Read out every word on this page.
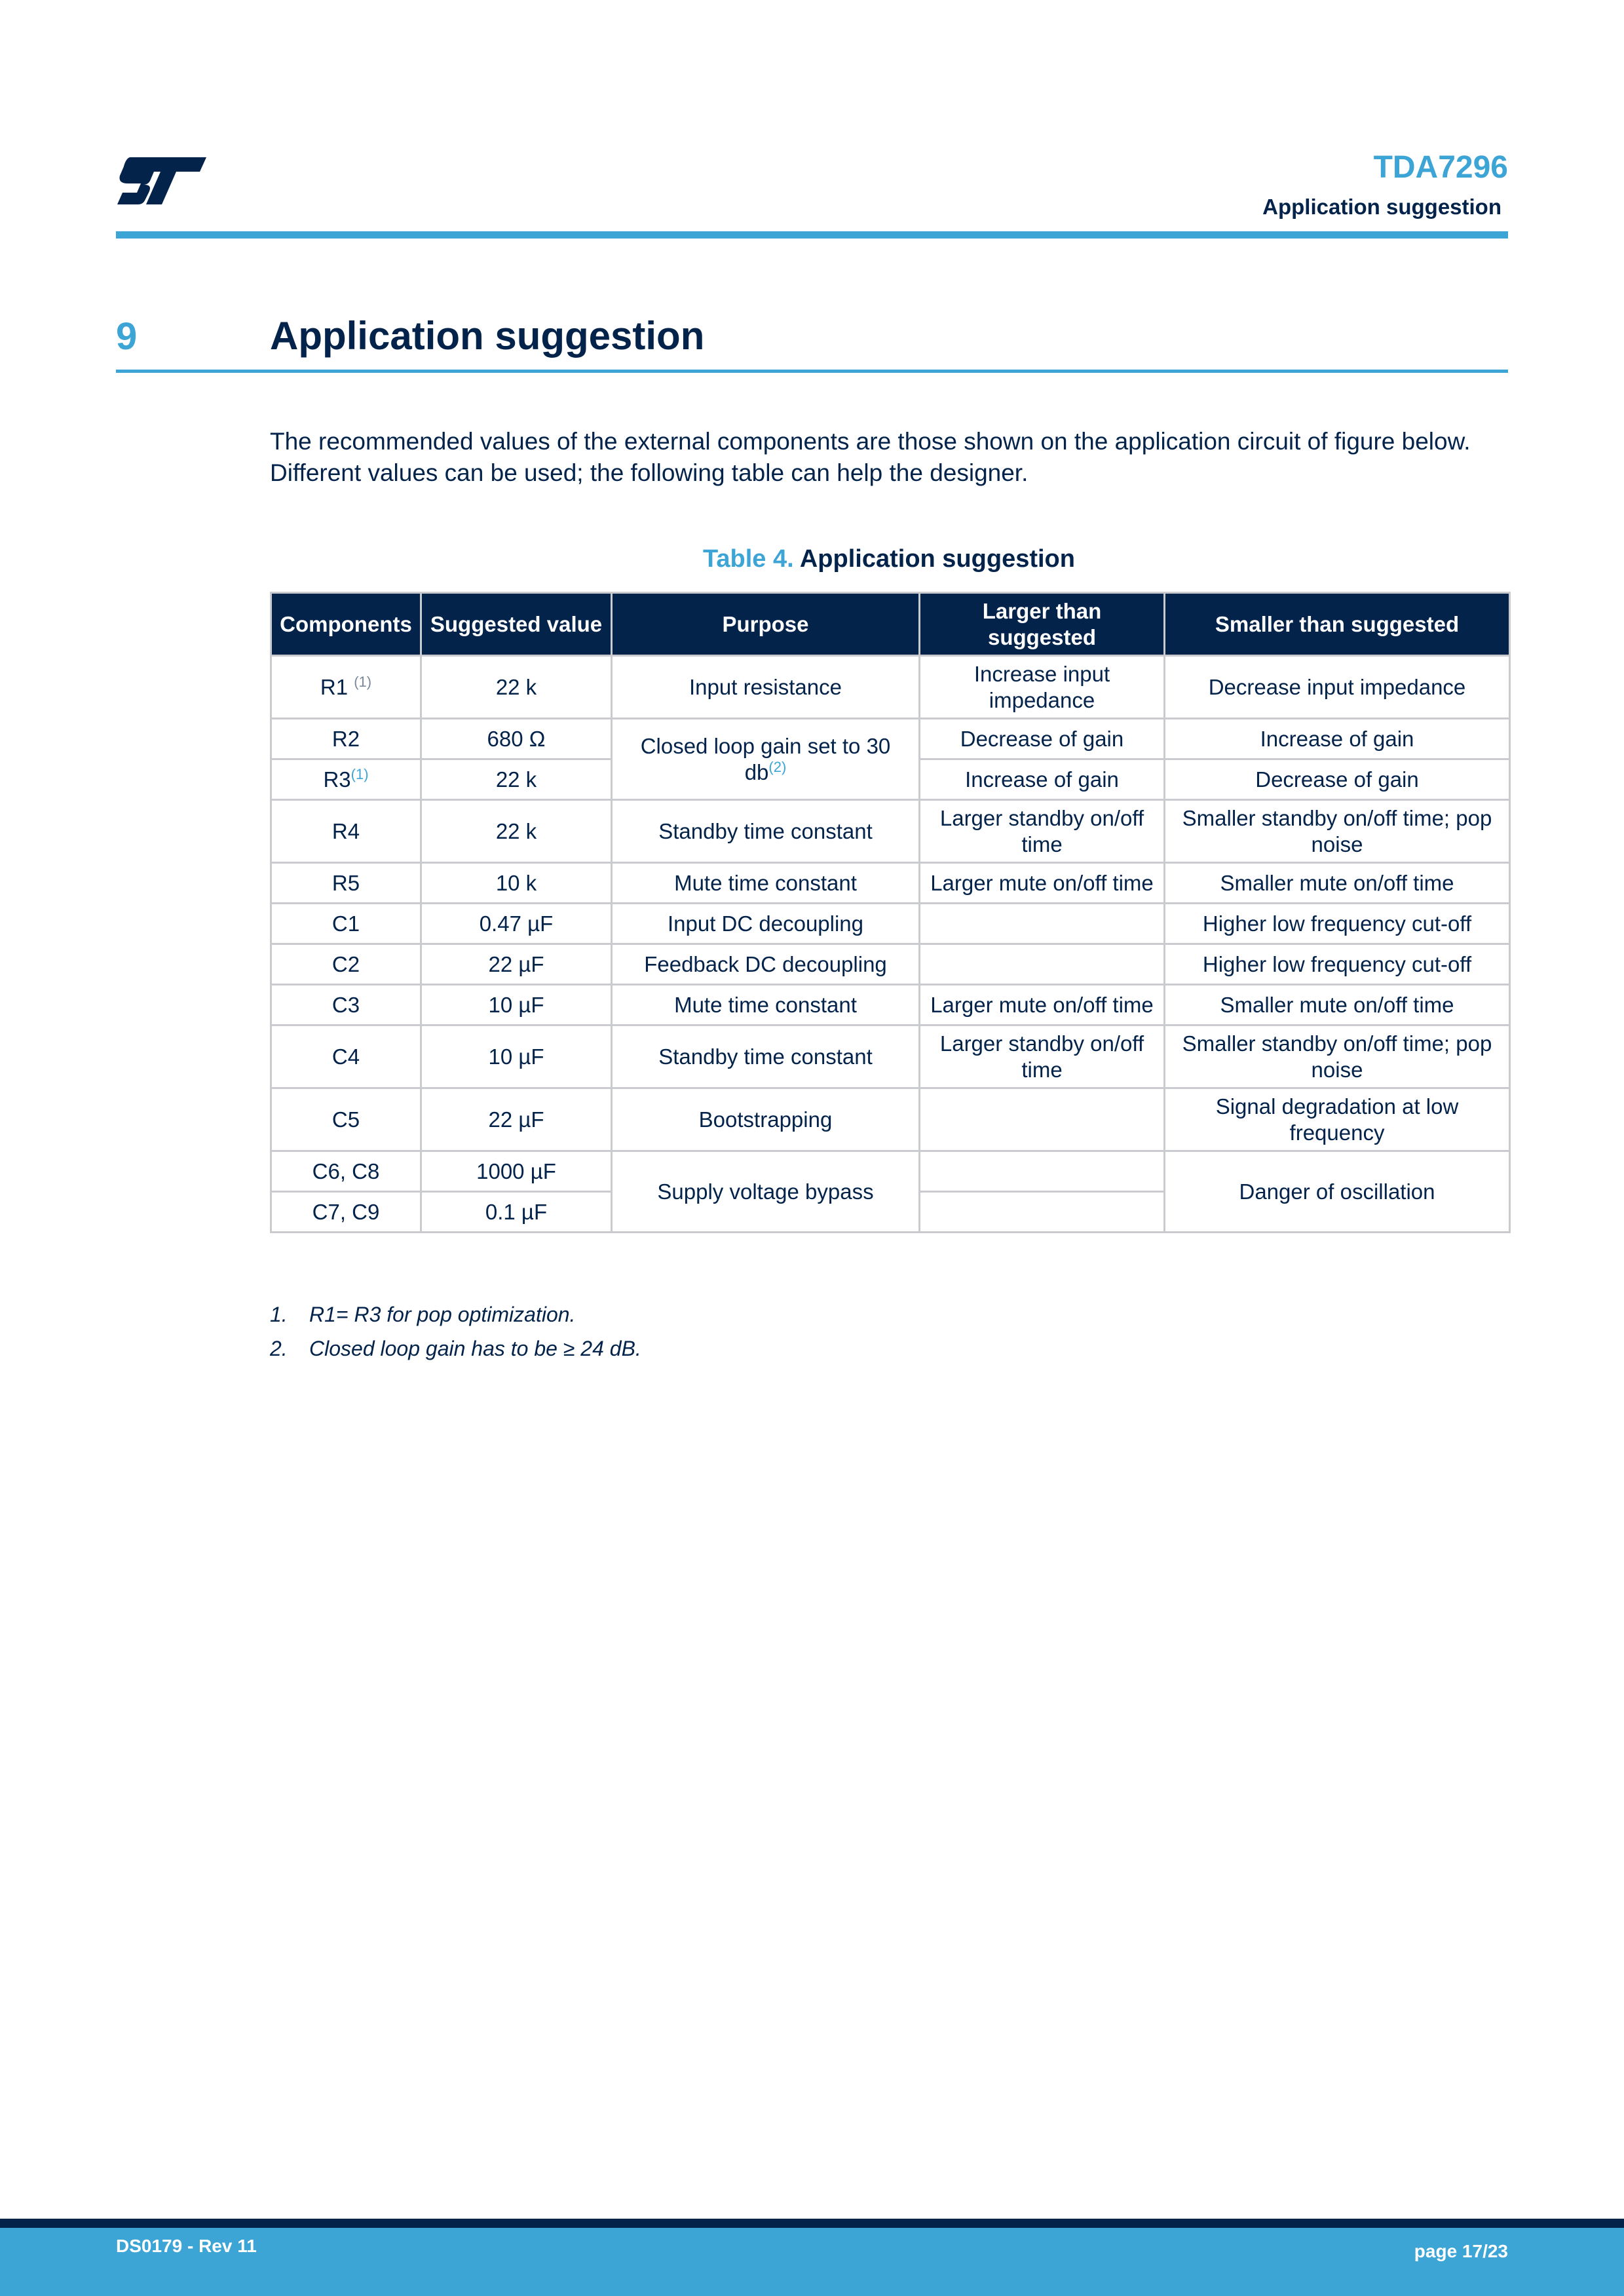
TDA7296
Application suggestion
9	Application suggestion

The recommended values of the external components are those shown on the application circuit of figure below.

Different values can be used; the following table can help the designer.

Table 4. Application suggestion
Components	Suggested value	Purpose	Larger than suggested	Smaller than suggested
R1 $^{(1)}$	22 k	Input resistance	Increase input impedance	Decrease input impedance
R2	680 Ω	Closed loop gain set to 30 db$^{(2)}$	Decrease of gain	Increase of gain
R3$^{(1)}$	22 k		Increase of gain	Decrease of gain
R4	22 k	Standby time constant	Larger standby on/off time	Smaller standby on/off time; pop noise
R5	10 k	Mute time constant	Larger mute on/off time	Smaller mute on/off time
C1	0.47 µF	Input DC decoupling		Higher low frequency cut-off
C2	22 µF	Feedback DC decoupling		Higher low frequency cut-off
C3	10 µF	Mute time constant	Larger mute on/off time	Smaller mute on/off time
C4	10 µF	Standby time constant	Larger standby on/off time	Smaller standby on/off time; pop noise
C5	22 µF	Bootstrapping		Signal degradation at low frequency
C6, C8	1000 µF	Supply voltage bypass		Danger of oscillation
C7, C9	0.1 µF			
1.	R1= R3 for pop optimization.
2.	Closed loop gain has to be ≥ 24 dB.
DS0179 - Rev 11	page 17/23
